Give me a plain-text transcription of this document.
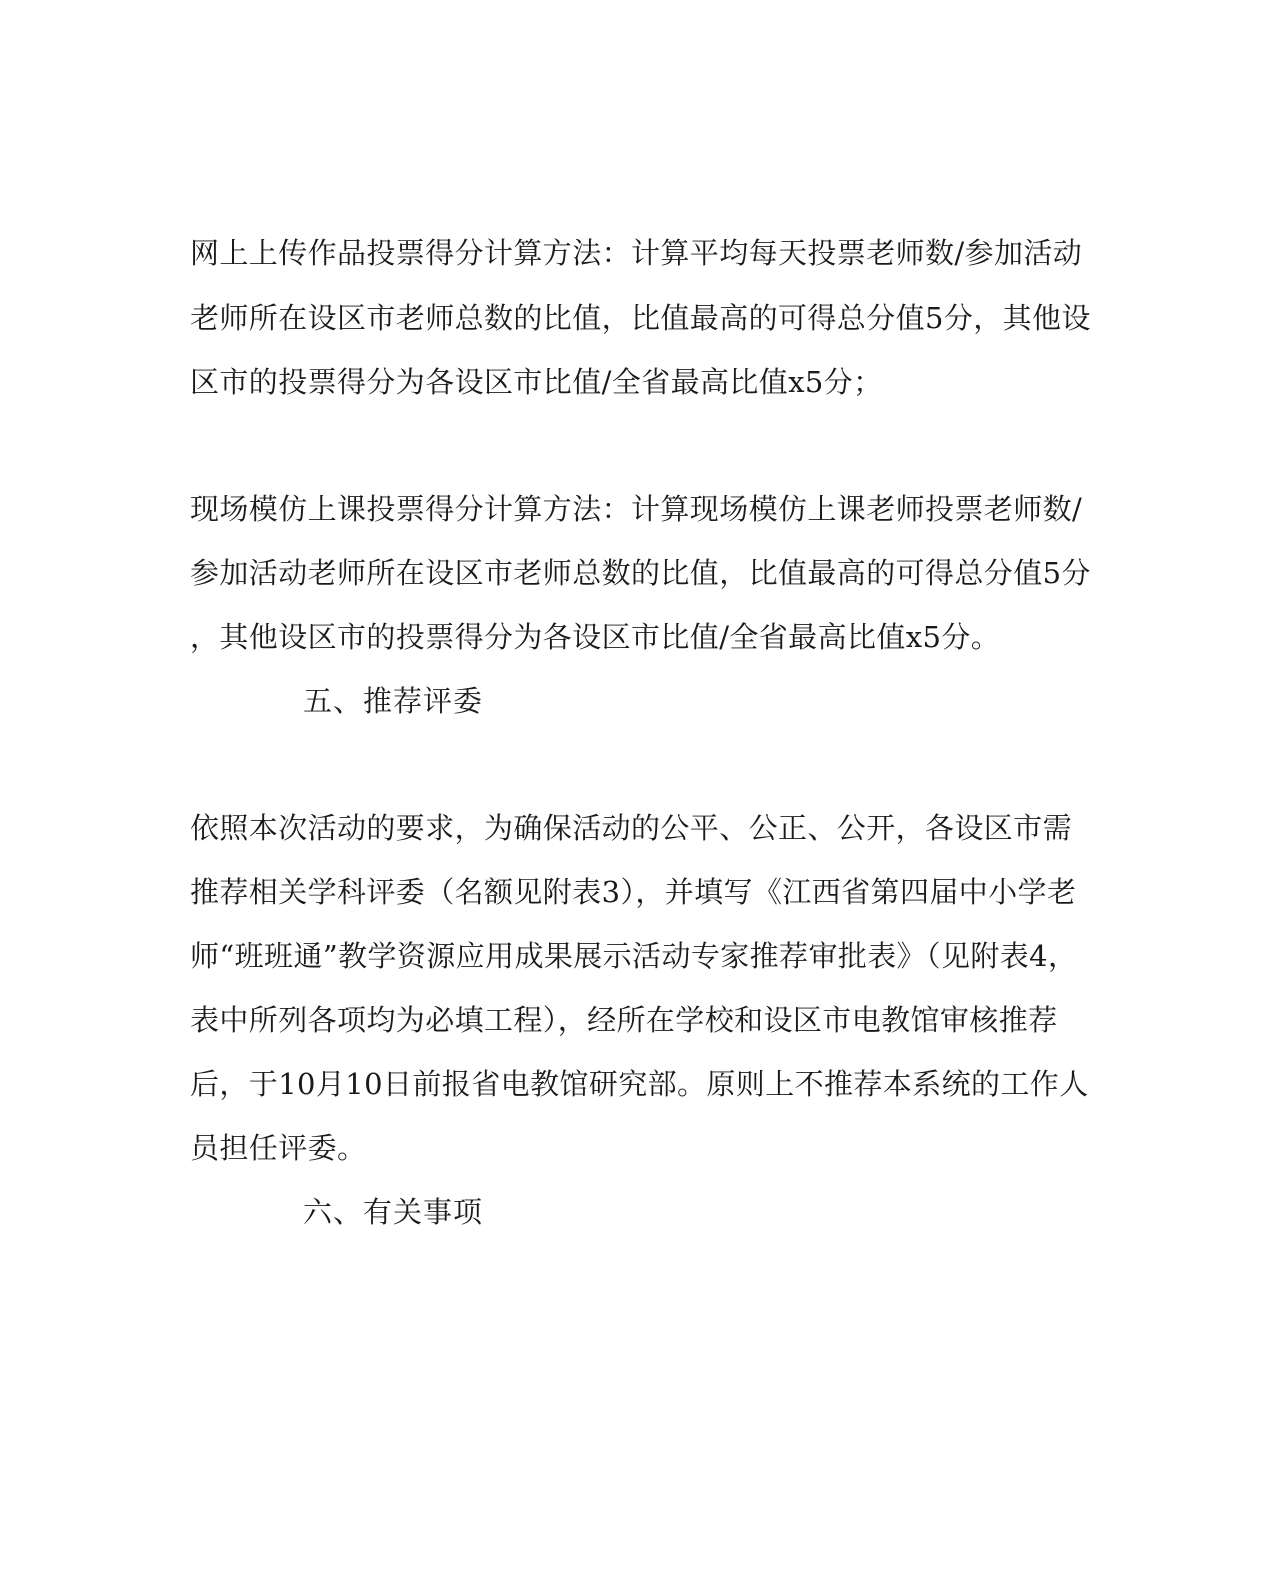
网上上传作品投票得分计算方法：计算平均每天投票老师数/参加活动
老师所在设区市老师总数的比值，比值最高的可得总分值5分，其他设
区市的投票得分为各设区市比值/全省最高比值x5分；
现场模仿上课投票得分计算方法：计算现场模仿上课老师投票老师数/
参加活动老师所在设区市老师总数的比值，比值最高的可得总分值5分
，其他设区市的投票得分为各设区市比值/全省最高比值x5分。
五、推荐评委
依照本次活动的要求，为确保活动的公平、公正、公开，各设区市需
推荐相关学科评委（名额见附表3），并填写《江西省第四届中小学老
师“班班通”教学资源应用成果展示活动专家推荐审批表》（见附表4，
表中所列各项均为必填工程），经所在学校和设区市电教馆审核推荐
后，于10月10日前报省电教馆研究部。原则上不推荐本系统的工作人
员担任评委。
六、有关事项
